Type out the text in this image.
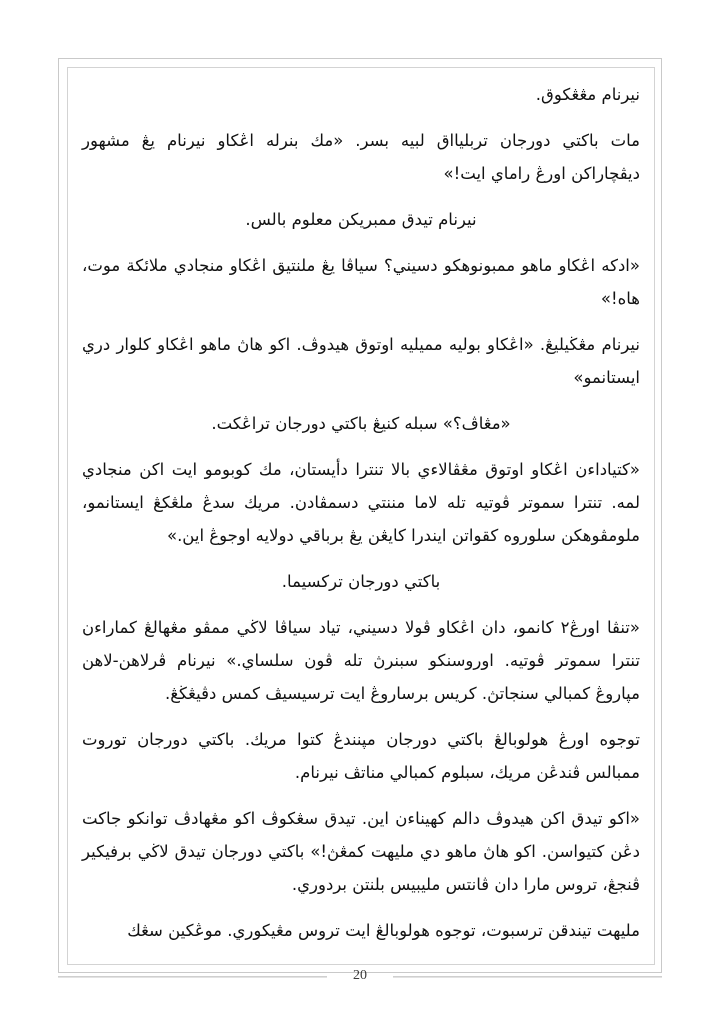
نيرنام مڠڠكوق.

مات باكتي دورجان تربليااق لبيه بسر. «مك بنرله اڠكاو نيرنام يڠ مشهور ديڤچاراكن اورڠ راماي ايت!»

نيرنام تيدق ممبريكن معلوم بالس.

«ادكه اڠكاو ماهو ممبونوهكو دسيني؟ سياڤا يڠ ملنتيق اڠكاو منجادي ملائكة موت، هاه!»

نيرنام مڠڬيليڠ. «اڠكاو بوليه مميليه اوتوق هيدوڤ. اكو هاڽ ماهو اڠكاو كلوار دري ايستانمو»

«مڠاڤ؟» سبله كنيڠ باكتي دورجان تراڠكت.

«كتياداءن اڠكاو اوتوق مڠڤالاءي بالا تنترا دأيستان، مك كوبومو ايت اكن منجادي لمه. تنترا سموتر ڤوتيه تله لاما مننتي دسمڤادن. مريك سدڠ ملڠكڠ ايستانمو، ملومڤوهكن سلوروه كقواتن ايندرا كايڠن يڠ برباقي دولايه اوجوڠ اين.»

باكتي دورجان تركسيما.

«تنڤا اورڠ٢ كانمو، دان اڠكاو ڤولا دسيني، تياد سياڤا لاڬي ممڤو مڠهالڠ كماراءن تنترا سموتر ڤوتيه. اوروسنكو سبنرڽ تله ڤون سلساي.» نيرنام ڤرلاهن-لاهن مڽاروڠ كمبالي سنجاتڽ. كريس برساروڠ ايت ترسيسيڤ كمس دڤيڠڬڠ.

توجوه اورڠ هولوبالڠ باكتي دورجان مڽنندڠ كتوا مريك. باكتي دورجان توروت ممبالس ڤندڠن مريك، سبلوم كمبالي مناتڤ نيرنام.

«اكو تيدق اكن هيدوڤ دالم كهيناءن اين. تيدق سڠكوڤ اكو مڠهادڤ توانكو جاكت دڠن كتيواسن. اكو هاڽ ماهو دي مليهت كمڠڽ!» باكتي دورجان تيدق لاڬي برفيكير ڤنجڠ، تروس مارا دان ڤانتس مليبيس بلنتن بردوري.

مليهت تيندقن ترسبوت، توجوه هولوبالڠ ايت تروس مڠيكوري. موڠكين سڠك

20
